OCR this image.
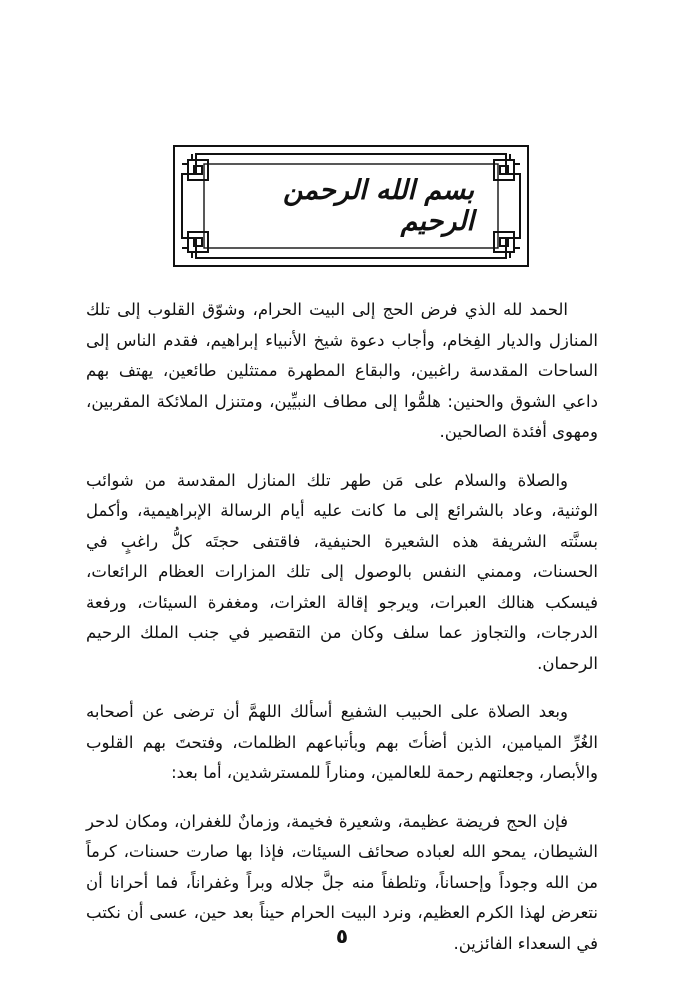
بسم الله الرحمن الرحيم

الحمد لله الذي فرض الحج إلى البيت الحرام، وشوّق القلوب إلى تلك المنازل والديار الفِخام، وأجاب دعوة شيخ الأنبياء إبراهيم، فقدم الناس إلى الساحات المقدسة راغبين، والبقاع المطهرة ممتثلين طائعين، يهتف بهم داعي الشوق والحنين: هلمُّوا إلى مطاف النبيِّين، ومتنزل الملائكة المقربين، ومهوى أفئدة الصالحين.

والصلاة والسلام على مَن طهر تلك المنازل المقدسة من شوائب الوثنية، وعاد بالشرائع إلى ما كانت عليه أيام الرسالة الإبراهيمية، وأكمل بسنَّته الشريفة هذه الشعيرة الحنيفية، فاقتفى حجتَه كلُّ راغبٍ في الحسنات، وممني النفس بالوصول إلى تلك المزارات العظام الرائعات، فيسكب هنالك العبرات، ويرجو إقالة العثرات، ومغفرة السيئات، ورفعة الدرجات، والتجاوز عما سلف وكان من التقصير في جنب الملك الرحيم الرحمان.

وبعد الصلاة على الحبيب الشفيع أسألك اللهمَّ أن ترضى عن أصحابه الغُرِّ الميامين، الذين أضأتَ بهم وبأتباعهم الظلمات، وفتحتَ بهم القلوب والأبصار، وجعلتهم رحمة للعالمين، ومناراً للمسترشدين، أما بعد:

فإن الحج فريضة عظيمة، وشعيرة فخيمة، وزمانٌ للغفران، ومكان لدحر الشيطان، يمحو الله لعباده صحائف السيئات، فإذا بها صارت حسنات، كرماً من الله وجوداً وإحساناً، وتلطفاً منه جلَّ جلاله وبراً وغفراناً، فما أحرانا أن نتعرض لهذا الكرم العظيم، ونرد البيت الحرام حيناً بعد حين، عسى أن نكتب في السعداء الفائزين.

٥
